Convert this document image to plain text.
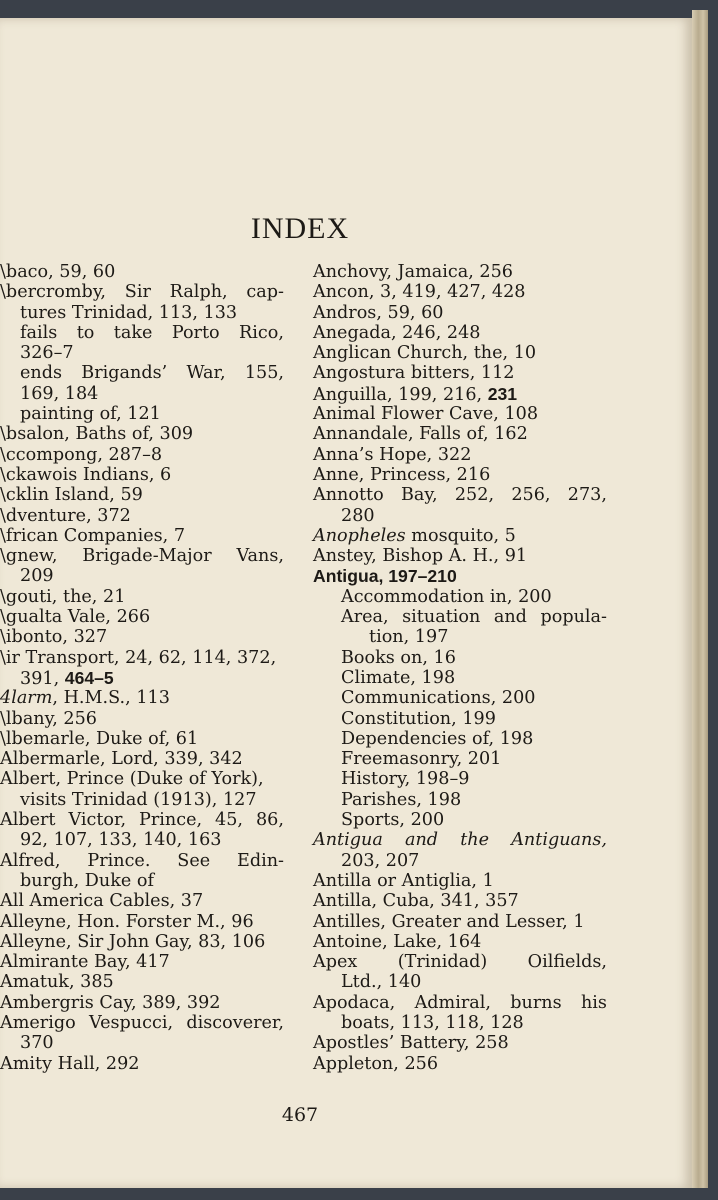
INDEX
\baco, 59, 60
\bercromby, Sir Ralph, cap-
tures Trinidad, 113, 133
fails to take Porto Rico,
326–7
ends Brigands’ War, 155,
169, 184
painting of, 121
\bsalon, Baths of, 309
\ccompong, 287–8
\ckawois Indians, 6
\cklin Island, 59
\dventure, 372
\frican Companies, 7
\gnew, Brigade-Major Vans,
209
\gouti, the, 21
\gualta Vale, 266
\ibonto, 327
\ir Transport, 24, 62, 114, 372,
391, 464–5
4larm, H.M.S., 113
\lbany, 256
\lbemarle, Duke of, 61
Albermarle, Lord, 339, 342
Albert, Prince (Duke of York),
visits Trinidad (1913), 127
Albert Victor, Prince, 45, 86,
92, 107, 133, 140, 163
Alfred, Prince. See Edin-
burgh, Duke of
All America Cables, 37
Alleyne, Hon. Forster M., 96
Alleyne, Sir John Gay, 83, 106
Almirante Bay, 417
Amatuk, 385
Ambergris Cay, 389, 392
Amerigo Vespucci, discoverer,
370
Amity Hall, 292
Anchovy, Jamaica, 256
Ancon, 3, 419, 427, 428
Andros, 59, 60
Anegada, 246, 248
Anglican Church, the, 10
Angostura bitters, 112
Anguilla, 199, 216, 231
Animal Flower Cave, 108
Annandale, Falls of, 162
Anna’s Hope, 322
Anne, Princess, 216
Annotto Bay, 252, 256, 273,
280
Anopheles mosquito, 5
Anstey, Bishop A. H., 91
Antigua, 197–210
Accommodation in, 200
Area, situation and popula-
tion, 197
Books on, 16
Climate, 198
Communications, 200
Constitution, 199
Dependencies of, 198
Freemasonry, 201
History, 198–9
Parishes, 198
Sports, 200
Antigua and the Antiguans,
203, 207
Antilla or Antiglia, 1
Antilla, Cuba, 341, 357
Antilles, Greater and Lesser, 1
Antoine, Lake, 164
Apex (Trinidad) Oilfields,
Ltd., 140
Apodaca, Admiral, burns his
boats, 113, 118, 128
Apostles’ Battery, 258
Appleton, 256
467
